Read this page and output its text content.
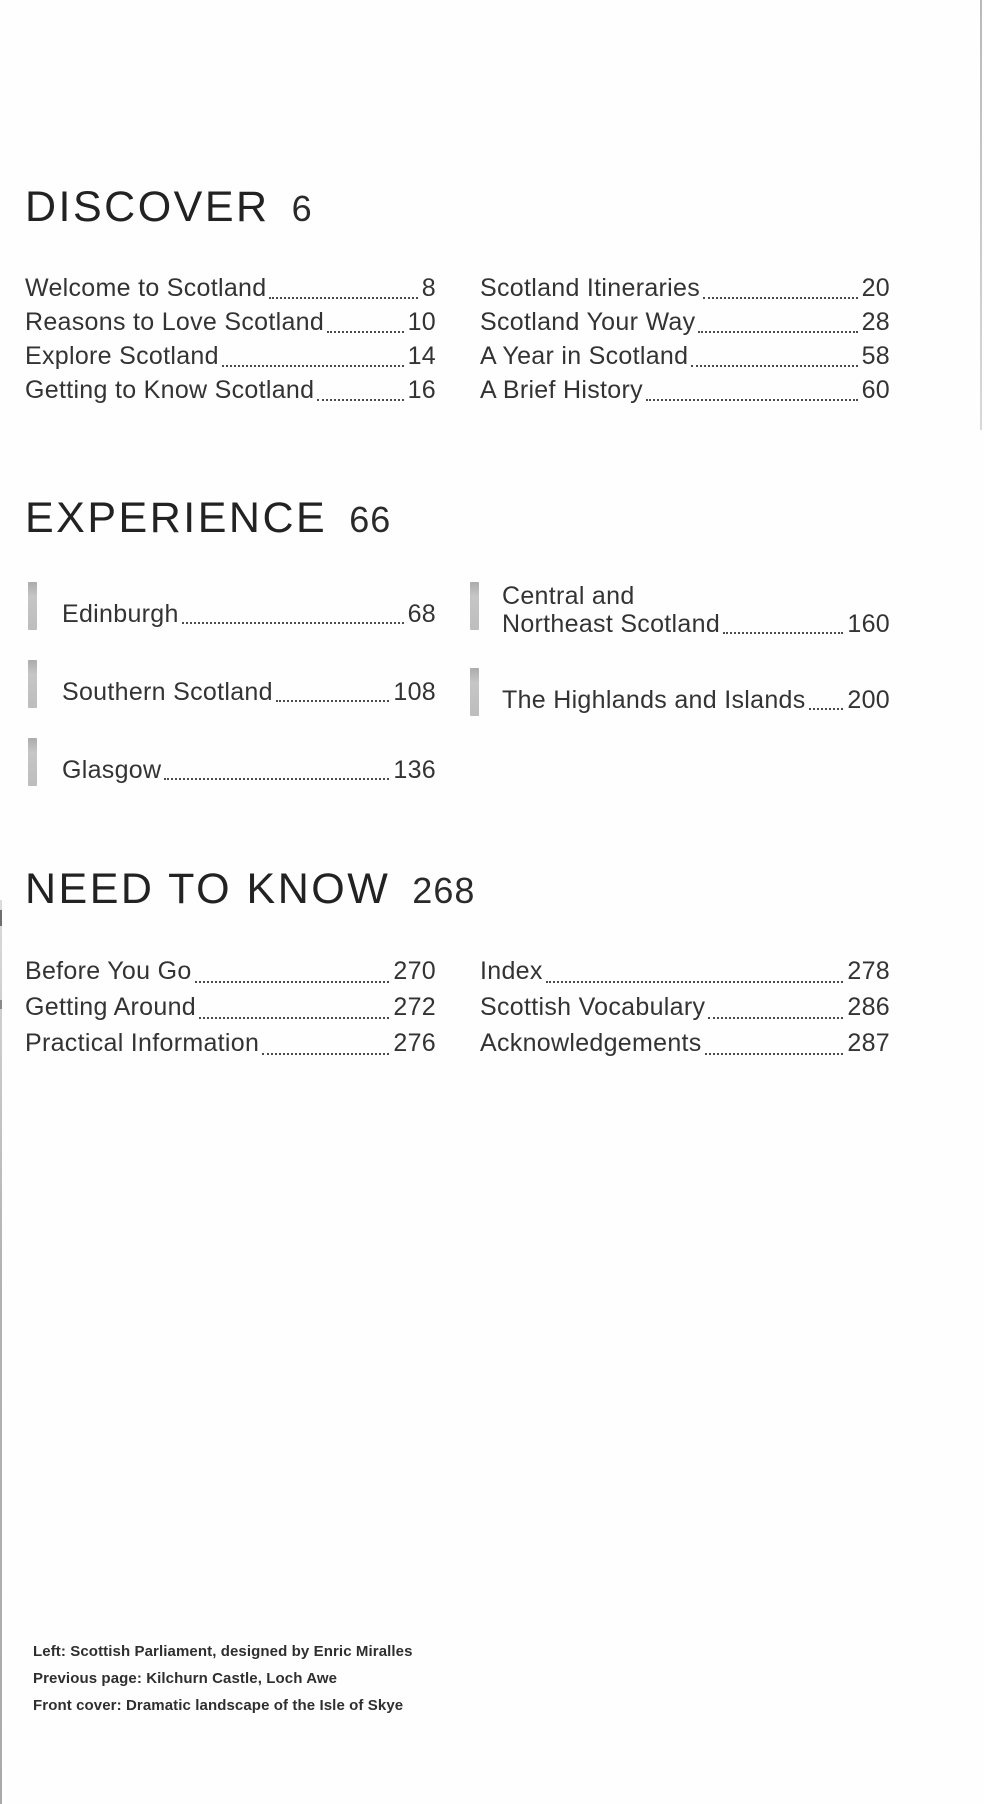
DISCOVER 6
Welcome to Scotland	8
Reasons to Love Scotland	10
Explore Scotland	14
Getting to Know Scotland	16
Scotland Itineraries	20
Scotland Your Way	28
A Year in Scotland	58
A Brief History	60
EXPERIENCE 66
Edinburgh	68
Southern Scotland	108
Glasgow	136
Central and
Northeast Scotland	160
The Highlands and Islands 200
NEED TO KNOW 268
Before You Go	270
Getting Around	272
Practical Information	276
Index	278
Scottish Vocabulary	286
Acknowledgements	287
Left: Scottish Parliament, designed by Enric Miralles
Previous page: Kilchurn Castle, Loch Awe
Front cover: Dramatic landscape of the Isle of Skye
